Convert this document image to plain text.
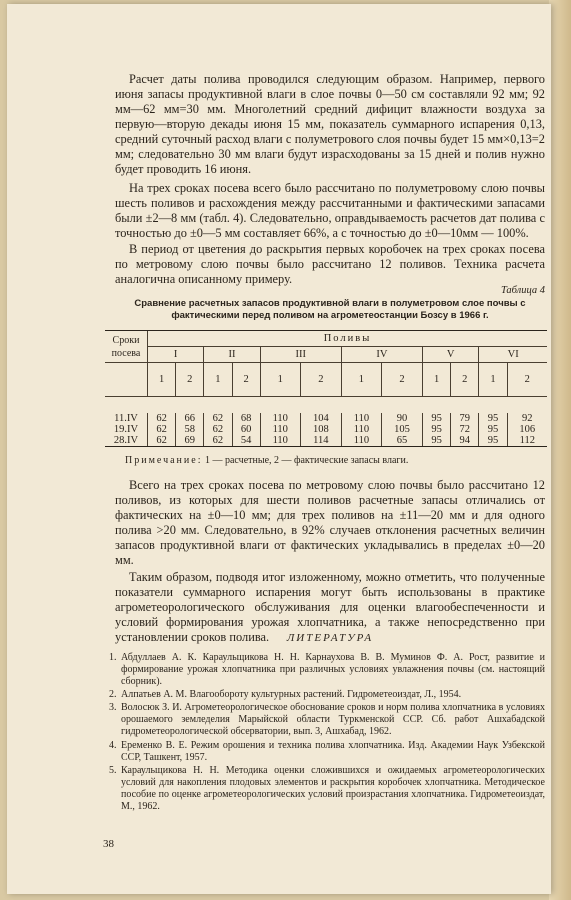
Расчет даты полива проводился следующим образом. Например, первого июня запасы продуктивной влаги в слое почвы 0—50 см составляли 92 мм; 92 мм—62 мм=30 мм. Многолетний средний дифицит влажности воздуха за первую—вторую декады июня 15 мм, показатель суммарного испарения 0,13, средний суточный расход влаги с полуметрового слоя почвы будет 15 мм×0,13=2 мм; следовательно 30 мм влаги будут израсходованы за 15 дней и полив нужно будет проводить 16 июня.

На трех сроках посева всего было рассчитано по полуметровому слою почвы шесть поливов и расхождения между рассчитанными и фактическими запасами были ±2—8 мм (табл. 4). Следовательно, оправдываемость расчетов дат полива с точностью до ±0—5 мм составляет 66%, а с точностью до ±0—10мм — 100%.

В период от цветения до раскрытия первых коробочек на трех сроках посева по метровому слою почвы было рассчитано 12 поливов. Техника расчета аналогична описанному примеру.

Таблица 4
Сравнение расчетных запасов продуктивной влаги в полуметровом слое почвы с фактическими перед поливом на агрометеостанции Бозсу в 1966 г.
Сроки посева	Поливы											
	I		II		III		IV		V		VI	
	1	2	1	2	1	2	1	2	1	2	1	2

11.IV	62	66	62	68	110	104	110	90	95	79	95	92
19.IV	62	58	62	60	110	108	110	105	95	72	95	106
28.IV	62	69	62	54	110	114	110	65	95	94	95	112
Примечание: 1 — расчетные, 2 — фактические запасы влаги.

Всего на трех сроках посева по метровому слою почвы было рассчитано 12 поливов, из которых для шести поливов расчетные запасы отличались от фактических на ±0—10 мм; для трех поливов на ±11—20 мм и для одного полива >20 мм. Следовательно, в 92% случаев отклонения расчетных величин запасов продуктивной влаги от фактических укладывались в пределах ±0—20 мм.

Таким образом, подводя итог изложенному, можно отметить, что полученные показатели суммарного испарения могут быть использованы в практике агрометеорологического обслуживания для оценки влагообеспеченности и условий формирования урожая хлопчатника, а также непосредственно при установлении сроков полива.	ЛИТЕРАТУРА

1. Абдуллаев А. К. Караульщикова Н. Н. Карнаухова В. В. Муминов Ф. А. Рост, развитие и формирование урожая хлопчатника при различных условиях увлажнения почвы (см. настоящий сборник).

2. Алпатьев А. М. Влагообороту культурных растений. Гидрометеоиздат, Л., 1954.

3. Волосюк З. И. Агрометеорологическое обоснование сроков и норм полива хлопчатника в условиях орошаемого земледелия Марыйской области Туркменской ССР. Сб. работ Ашхабадской гидрометеорологической обсерватории, вып. 3, Ашхабад, 1962.

4. Еременко В. Е. Режим орошения и техника полива хлопчатника. Изд. Академии Наук Узбекской ССР, Ташкент, 1957.

5. Караульщикова Н. Н. Методика оценки сложившихся и ожидаемых агрометеорологических условий для накопления плодовых элементов и раскрытия коробочек хлопчатника. Методическое пособие по оценке агрометеорологических условий произрастания хлопчатника. Гидрометеоиздат, М., 1962.

38
